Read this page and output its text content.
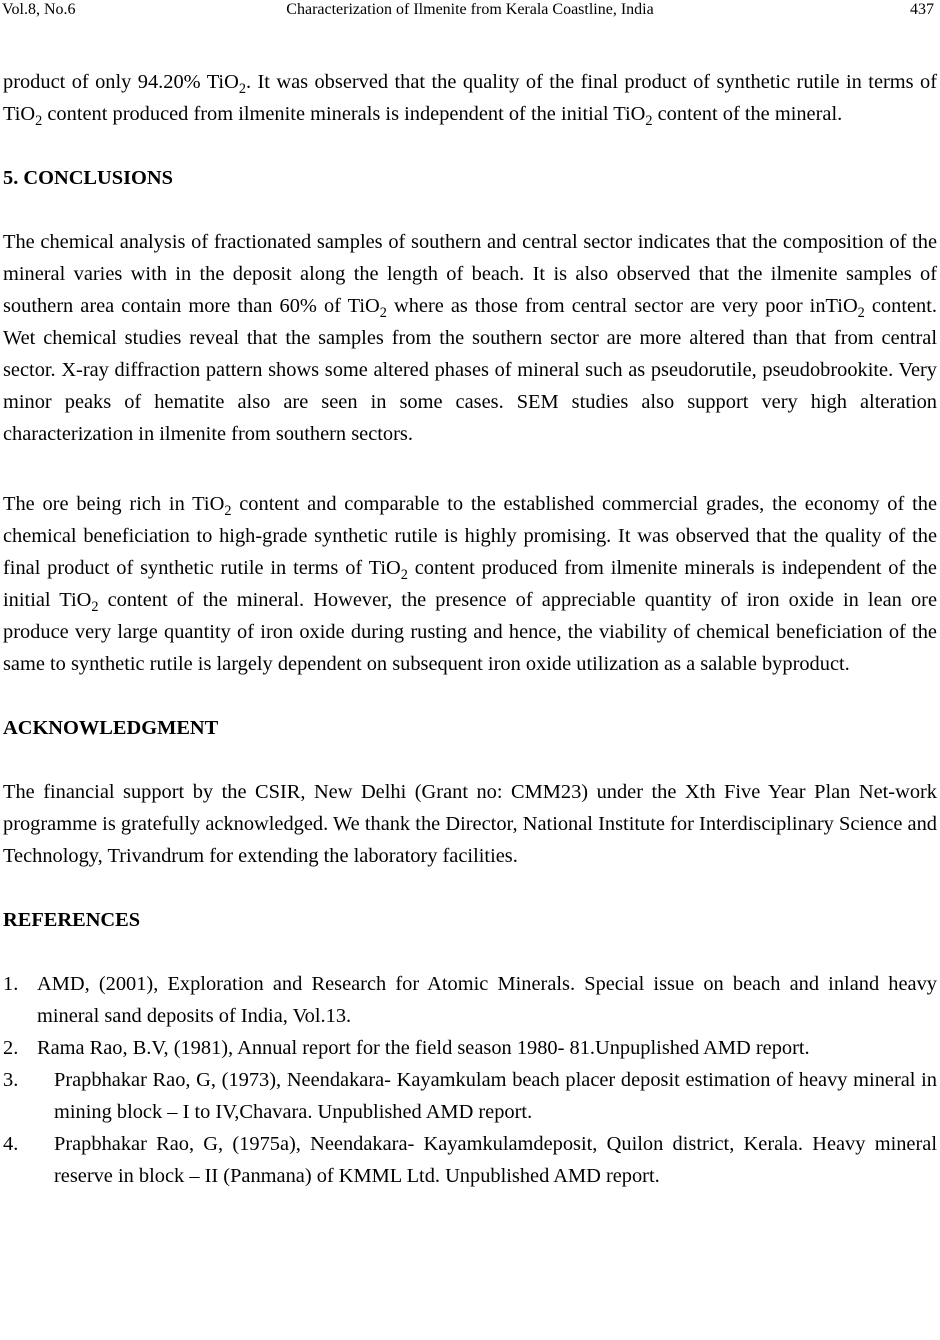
Vol.8, No.6	Characterization of Ilmenite from Kerala Coastline, India	437

product of only 94.20% TiO$_2$. It was observed that the quality of the final product of synthetic rutile in terms of TiO$_2$ content produced from ilmenite minerals is independent of the initial TiO$_2$ content of the mineral.

5. CONCLUSIONS

The chemical analysis of fractionated samples of southern and central sector indicates that the composition of the mineral varies with in the deposit along the length of beach. It is also observed that the ilmenite samples of southern area contain more than 60% of TiO$_2$ where as those from central sector are very poor inTiO$_2$ content. Wet chemical studies reveal that the samples from the southern sector are more altered than that from central sector. X-ray diffraction pattern shows some altered phases of mineral such as pseudorutile, pseudobrookite. Very minor peaks of hematite also are seen in some cases. SEM studies also support very high alteration characterization in ilmenite from southern sectors.

The ore being rich in TiO$_2$ content and comparable to the established commercial grades, the economy of the chemical beneficiation to high-grade synthetic rutile is highly promising. It was observed that the quality of the final product of synthetic rutile in terms of TiO$_2$ content produced from ilmenite minerals is independent of the initial TiO$_2$ content of the mineral. However, the presence of appreciable quantity of iron oxide in lean ore produce very large quantity of iron oxide during rusting and hence, the viability of chemical beneficiation of the same to synthetic rutile is largely dependent on subsequent iron oxide utilization as a salable byproduct.

ACKNOWLEDGMENT

The financial support by the CSIR, New Delhi (Grant no: CMM23) under the Xth Five Year Plan Net-work programme is gratefully acknowledged. We thank the Director, National Institute for Interdisciplinary Science and Technology, Trivandrum for extending the laboratory facilities.

REFERENCES
1. AMD, (2001), Exploration and Research for Atomic Minerals. Special issue on beach and inland heavy mineral sand deposits of India, Vol.13.
2. Rama Rao, B.V, (1981), Annual report for the field season 1980- 81.Unpuplished AMD report.
3. Prapbhakar Rao, G, (1973), Neendakara- Kayamkulam beach placer deposit estimation of heavy mineral in mining block – I to IV,Chavara. Unpublished AMD report.
4. Prapbhakar Rao, G, (1975a), Neendakara- Kayamkulamdeposit, Quilon district, Kerala. Heavy mineral reserve in block – II (Panmana) of KMML Ltd. Unpublished AMD report.
